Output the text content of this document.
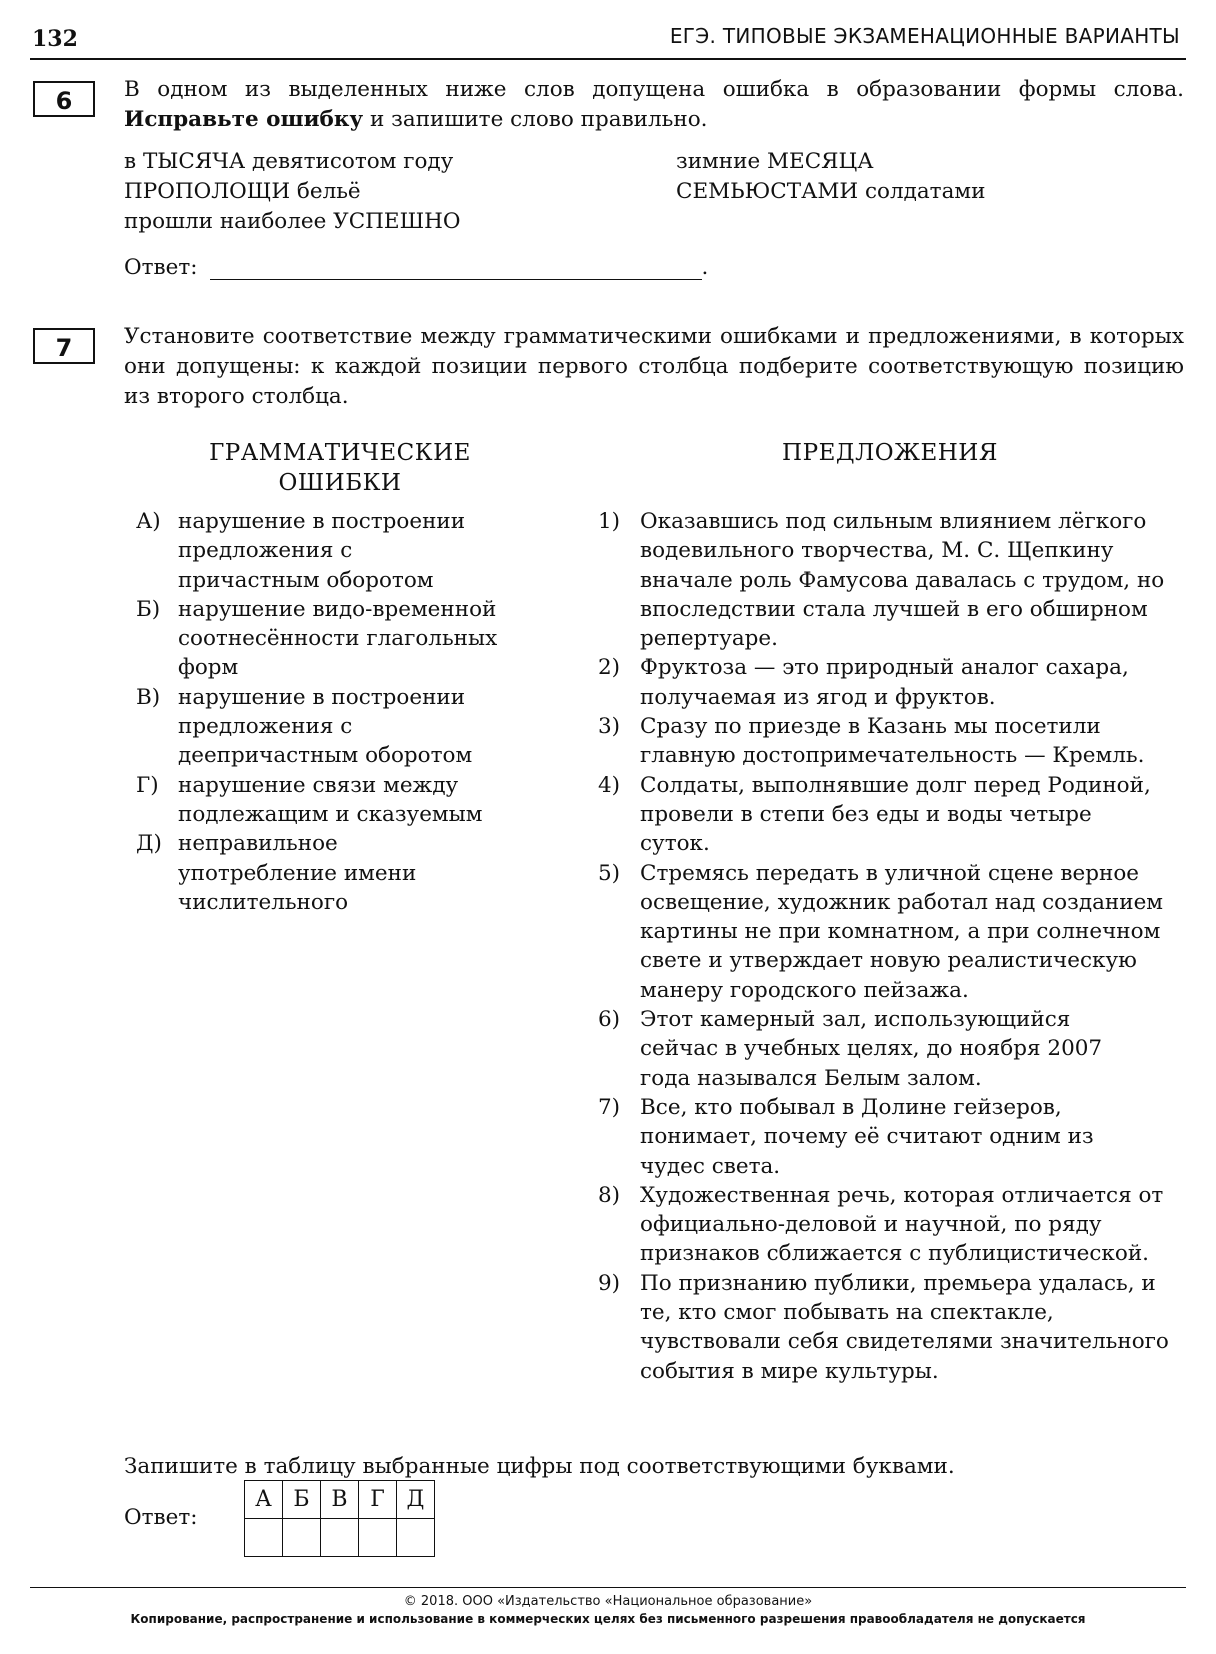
132	ЕГЭ. ТИПОВЫЕ ЭКЗАМЕНАЦИОННЫЕ ВАРИАНТЫ
6	В одном из выделенных ниже слов допущена ошибка в образовании формы слова. Исправьте ошибку и запишите слово правильно.
в ТЫСЯЧА девятисотом году
ПРОПОЛОЩИ бельё
прошли наиболее УСПЕШНО
зимние МЕСЯЦА
СЕМЬЮСТАМИ солдатами
Ответ:	.
7	Установите соответствие между грамматическими ошибками и предложениями, в которых они допущены: к каждой позиции первого столбца подберите соответствующую позицию из второго столбца.
ГРАММАТИЧЕСКИЕ
ОШИБКИ
ПРЕДЛОЖЕНИЯ
А) нарушение в построении предложения с причастным оборотом
Б) нарушение видо-временной соотнесённости глагольных форм
В) нарушение в построении предложения с деепричастным оборотом
Г) нарушение связи между подлежащим и сказуемым
Д) неправильное употребление имени числительного
1) Оказавшись под сильным влиянием лёгкого водевильного творчества, М. С. Щепкину вначале роль Фамусова давалась с трудом, но впоследствии стала лучшей в его обширном репертуаре.
2) Фруктоза — это природный аналог сахара, получаемая из ягод и фруктов.
3) Сразу по приезде в Казань мы посетили главную достопримечательность — Кремль.
4) Солдаты, выполнявшие долг перед Родиной, провели в степи без еды и воды четыре суток.
5) Стремясь передать в уличной сцене верное освещение, художник работал над созданием картины не при комнатном, а при солнечном свете и утверждает новую реалистическую манеру городского пейзажа.
6) Этот камерный зал, использующийся сейчас в учебных целях, до ноября 2007 года назывался Белым залом.
7) Все, кто побывал в Долине гейзеров, понимает, почему её считают одним из чудес света.
8) Художественная речь, которая отличается от официально-деловой и научной, по ряду признаков сближается с публицистической.
9) По признанию публики, премьера удалась, и те, кто смог побывать на спектакле, чувствовали себя свидетелями значительного события в мире культуры.
Запишите в таблицу выбранные цифры под соответствующими буквами.
Ответ:
А	Б	В	Г	Д

© 2018. ООО «Издательство «Национальное образование»
Копирование, распространение и использование в коммерческих целях без письменного разрешения правообладателя не допускается
